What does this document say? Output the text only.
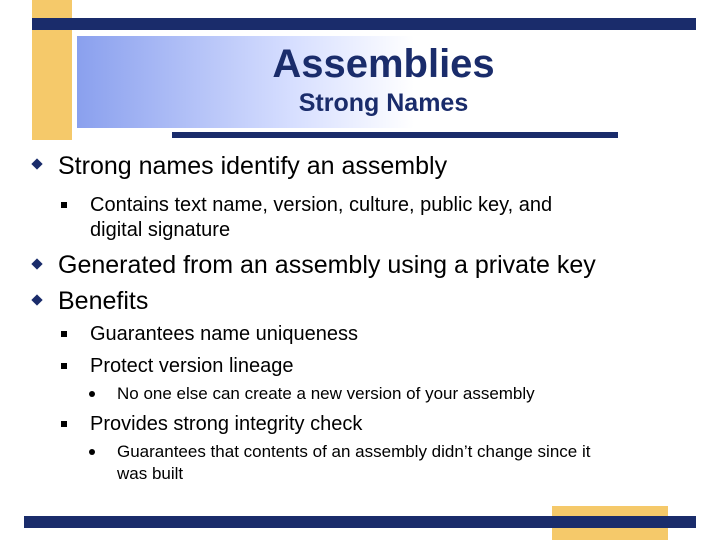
Assemblies
Strong Names
Strong names identify an assembly
Contains text name, version, culture, public key, and
digital signature
Generated from an assembly using a private key
Benefits
Guarantees name uniqueness
Protect version lineage
No one else can create a new version of your assembly
Provides strong integrity check
Guarantees that contents of an assembly didn’t change since it
was built
